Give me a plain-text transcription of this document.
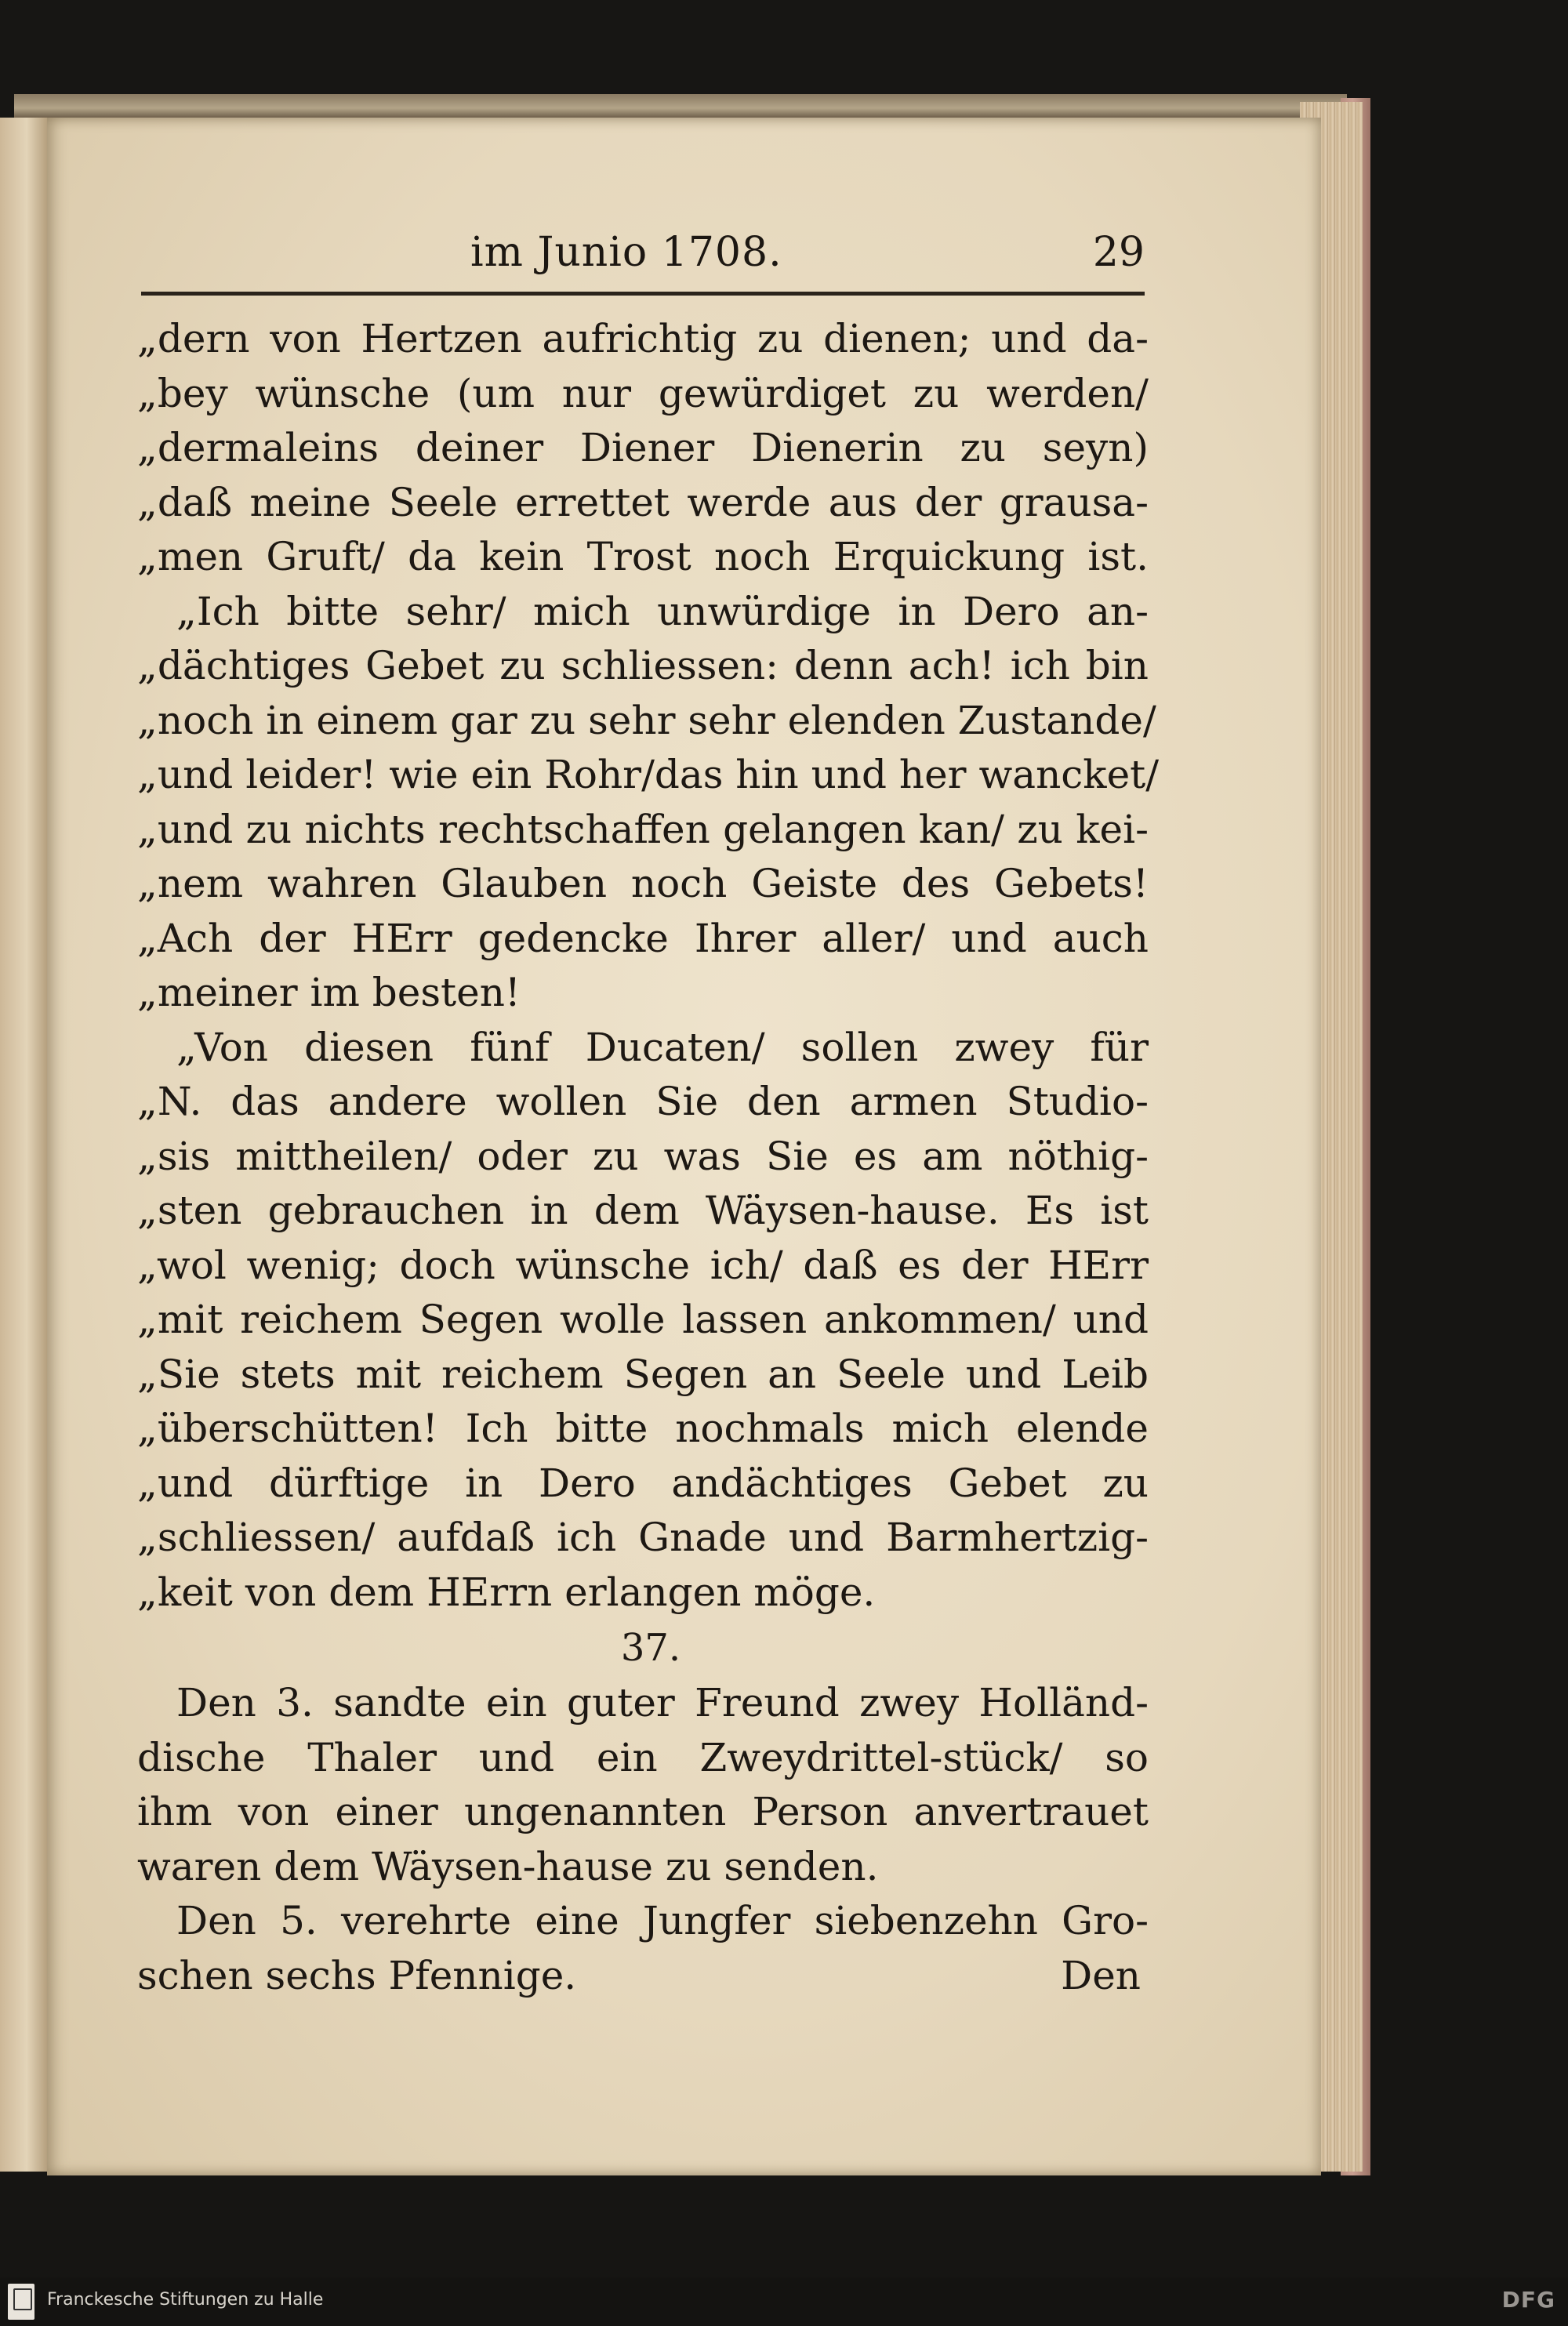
im Junio 1708.	29
„dern von Hertzen aufrichtig zu dienen; und da-
„bey wünsche (um nur gewürdiget zu werden/
„dermaleins deiner Diener Dienerin zu seyn)
„daß meine Seele errettet werde aus der grausa-
„men Gruft/ da kein Trost noch Erquickung ist.
„Ich bitte sehr/ mich unwürdige in Dero an-
„dächtiges Gebet zu schliessen: denn ach! ich bin
„noch in einem gar zu sehr sehr elenden Zustande/
„und leider! wie ein Rohr/das hin und her wancket/
„und zu nichts rechtschaffen gelangen kan/ zu kei-
„nem wahren Glauben noch Geiste des Gebets!
„Ach der HErr gedencke Ihrer aller/ und auch
„meiner im besten!
„Von diesen fünf Ducaten/ sollen zwey für
„N. das andere wollen Sie den armen Studio-
„sis mittheilen/ oder zu was Sie es am nöthig-
„sten gebrauchen in dem Wäysen-hause. Es ist
„wol wenig; doch wünsche ich/ daß es der HErr
„mit reichem Segen wolle lassen ankommen/ und
„Sie stets mit reichem Segen an Seele und Leib
„überschütten! Ich bitte nochmals mich elende
„und dürftige in Dero andächtiges Gebet zu
„schliessen/ aufdaß ich Gnade und Barmhertzig-
„keit von dem HErrn erlangen möge.
37.
Den 3. sandte ein guter Freund zwey Holländ-
dische Thaler und ein Zweydrittel-stück/ so
ihm von einer ungenannten Person anvertrauet
waren dem Wäysen-hause zu senden.
Den 5. verehrte eine Jungfer siebenzehn Gro-
schen sechs Pfennige.	Den
Franckesche Stiftungen zu Halle	DFG
